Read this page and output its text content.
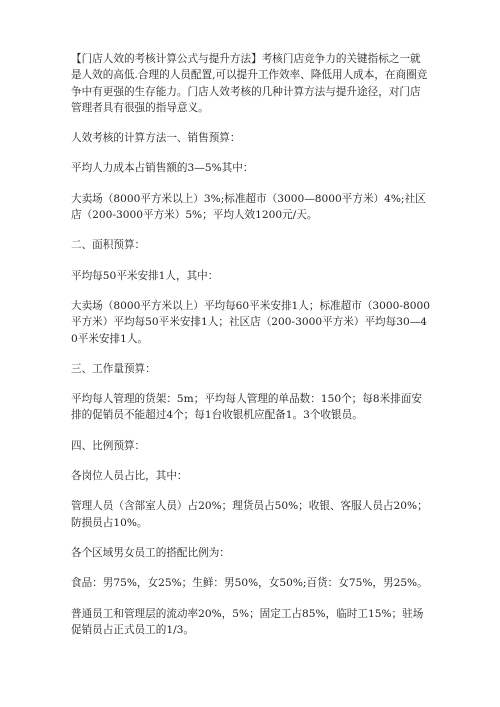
【门店人效的考核计算公式与提升方法】考核门店竞争力的关键指标之一就是人效的高低.合理的人员配置,可以提升工作效率、降低用人成本，在商圈竞争中有更强的生存能力。门店人效考核的几种计算方法与提升途径，对门店管理者具有很强的指导意义。

人效考核的计算方法一、销售预算：

平均人力成本占销售额的3—5%其中：

大卖场（8000平方米以上）3%;标准超市（3000—8000平方米）4%;社区店（200-3000平方米）5%；平均人效1200元/天。

二、面积预算：

平均每50平米安排1人，其中：

大卖场（8000平方米以上）平均每60平米安排1人；标准超市（3000-8000平方米）平均每50平米安排1人；社区店（200-3000平方米）平均每30—40平米安排1人。

三、工作量预算：

平均每人管理的货架：5m；平均每人管理的单品数：150个；每8米排面安排的促销员不能超过4个；每1台收银机应配备1。3个收银员。

四、比例预算：

各岗位人员占比，其中：

管理人员（含部室人员）占20%；理货员占50%；收银、客服人员占20%；防损员占10%。

各个区域男女员工的搭配比例为：

食品：男75%，女25%；生鲜：男50%，女50%;百货：女75%，男25%。

普通员工和管理层的流动率20%，5%；固定工占85%，临时工15%；驻场促销员占正式员工的1/3。
